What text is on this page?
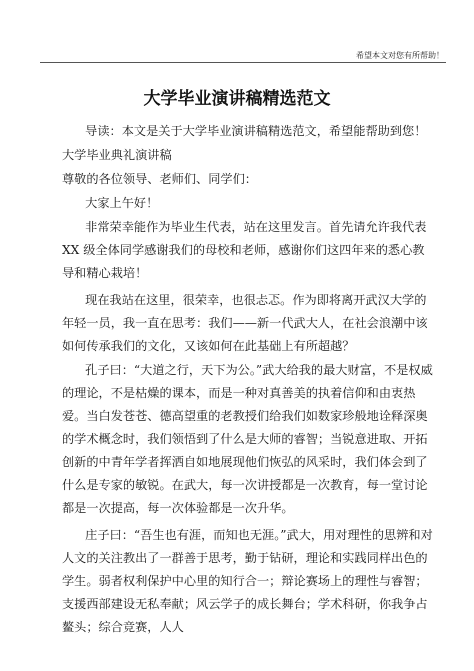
希望本文对您有所帮助！
大学毕业演讲稿精选范文

导读：本文是关于大学毕业演讲稿精选范文，希望能帮助到您！

大学毕业典礼演讲稿

尊敬的各位领导、老师们、同学们：

大家上午好！

非常荣幸能作为毕业生代表，站在这里发言。首先请允许我代表 XX 级全体同学感谢我们的母校和老师，感谢你们这四年来的悉心教导和精心栽培！

现在我站在这里，很荣幸，也很忐忑。作为即将离开武汉大学的年轻一员，我一直在思考：我们——新一代武大人，在社会浪潮中该如何传承我们的文化，又该如何在此基础上有所超越？

孔子曰：“大道之行，天下为公。”武大给我的最大财富，不是权威的理论，不是枯燥的课本，而是一种对真善美的执着信仰和由衷热爱。当白发苍苍、德高望重的老教授们给我们如数家珍般地诠释深奥的学术概念时，我们领悟到了什么是大师的睿智；当锐意进取、开拓创新的中青年学者挥洒自如地展现他们恢弘的风采时，我们体会到了什么是专家的敏锐。在武大，每一次讲授都是一次教育，每一堂讨论都是一次提高，每一次体验都是一次升华。

庄子曰：“吾生也有涯，而知也无涯。”武大，用对理性的思辨和对人文的关注教出了一群善于思考，勤于钻研，理论和实践同样出色的学生。弱者权利保护中心里的知行合一；辩论赛场上的理性与睿智；支援西部建设无私奉献；风云学子的成长舞台；学术科研，你我争占鳌头；综合竞赛，人人
